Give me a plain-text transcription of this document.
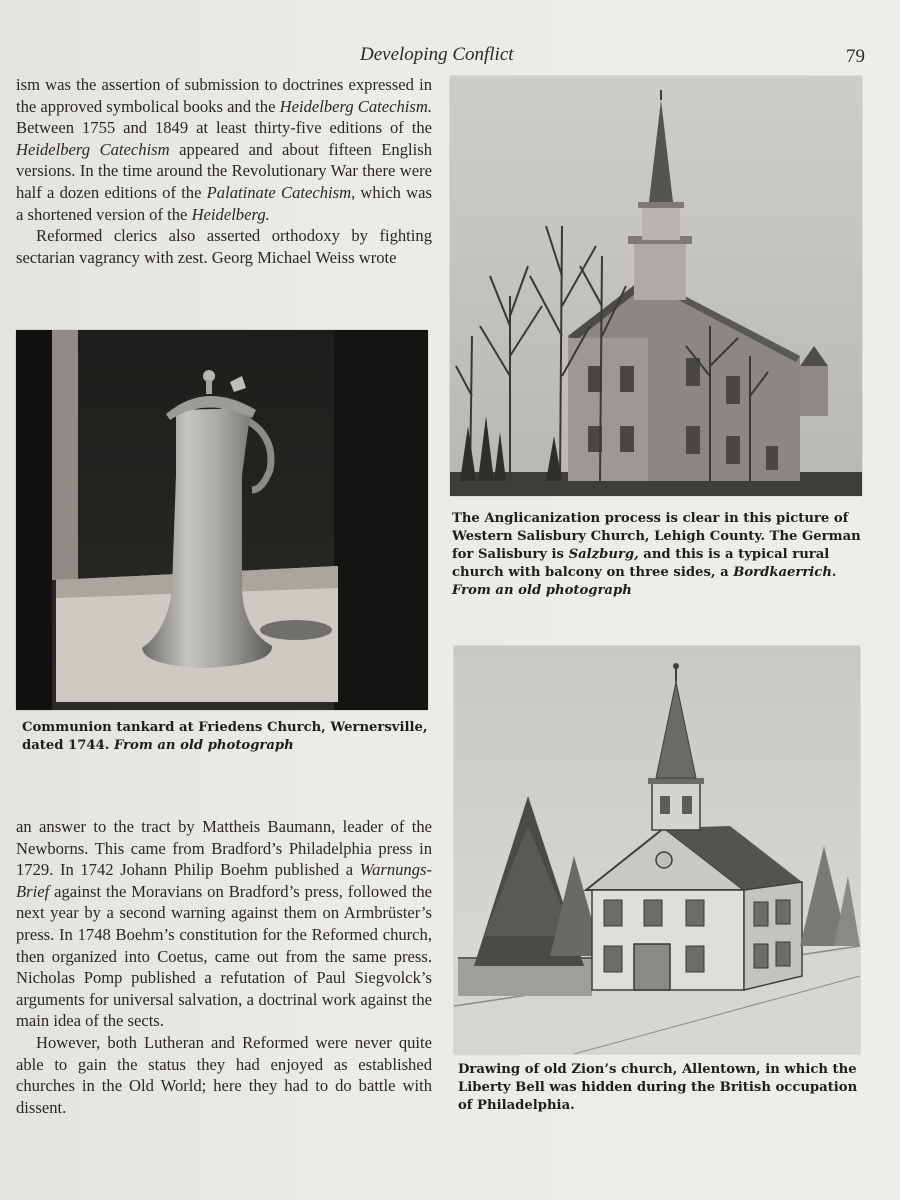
Developing Conflict	79

ism was the assertion of submission to doctrines expressed in the approved symbolical books and the Heidelberg Catechism. Between 1755 and 1849 at least thirty-five editions of the Heidelberg Catechism appeared and about fifteen English versions. In the time around the Revolutionary War there were half a dozen editions of the Palatinate Catechism, which was a shortened version of the Heidelberg.

Reformed clerics also asserted orthodoxy by fighting sectarian vagrancy with zest. Georg Michael Weiss wrote

Communion tankard at Friedens Church, Wernersville, dated 1744. From an old photograph
The Anglicanization process is clear in this picture of Western Salisbury Church, Lehigh County. The German for Salisbury is Salzburg, and this is a typical rural church with balcony on three sides, a Bordkaerrich. From an old photograph

an answer to the tract by Mattheis Baumann, leader of the Newborns. This came from Bradford’s Philadelphia press in 1729. In 1742 Johann Philip Boehm published a Warnungs-Brief against the Moravians on Bradford’s press, followed the next year by a second warning against them on Armbrüster’s press. In 1748 Boehm’s constitution for the Reformed church, then organized into Coetus, came out from the same press. Nicholas Pomp published a refutation of Paul Siegvolck’s arguments for universal salvation, a doctrinal work against the main idea of the sects.

However, both Lutheran and Reformed were never quite able to gain the status they had enjoyed as established churches in the Old World; here they had to do battle with dissent.

Drawing of old Zion’s church, Allentown, in which the Liberty Bell was hidden during the British occupation of Philadelphia.
